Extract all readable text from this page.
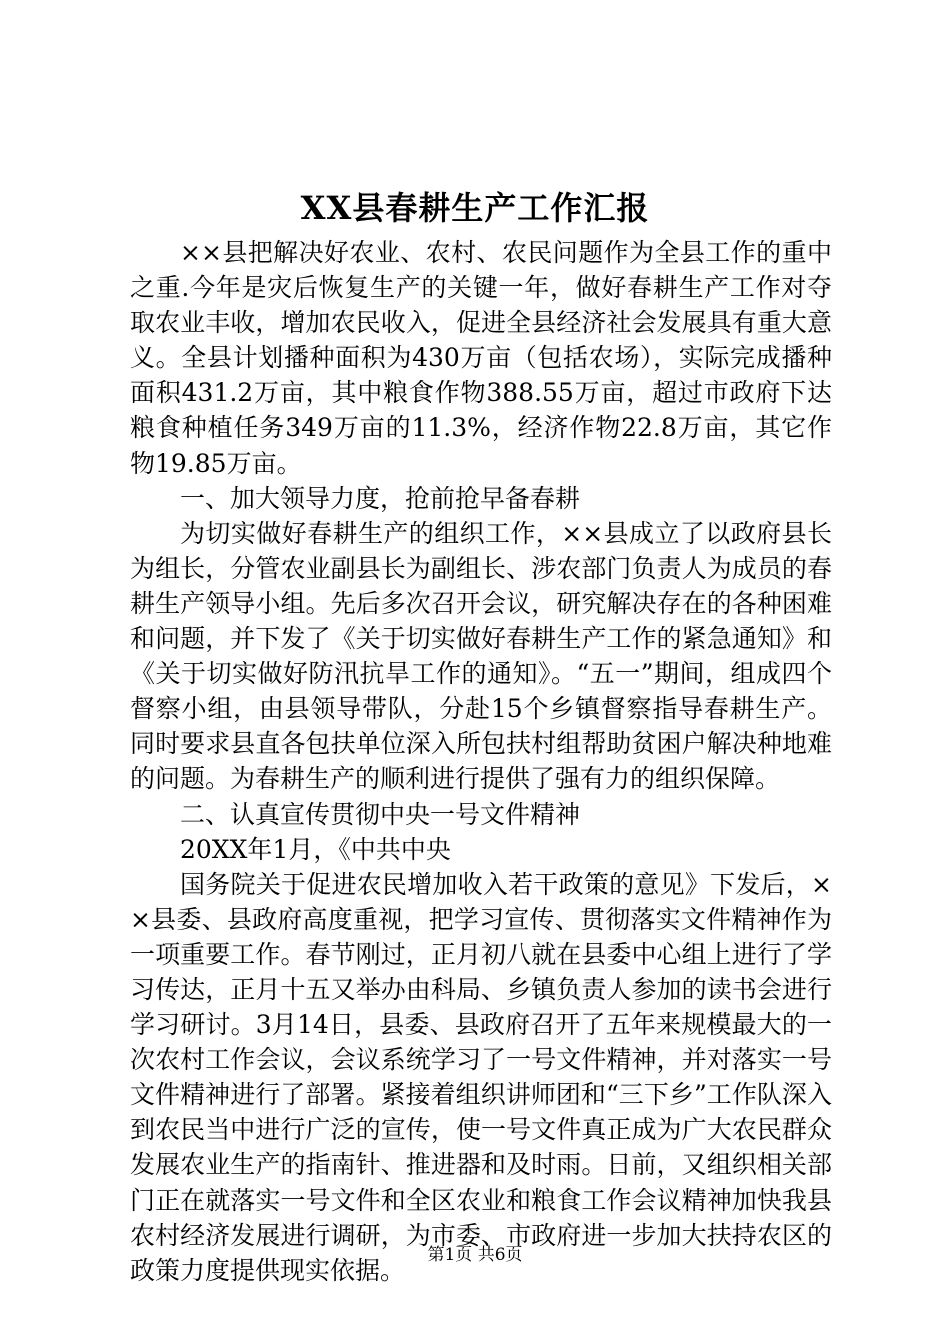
XX县春耕生产工作汇报

××县把解决好农业、农村、农民问题作为全县工作的重中之重.今年是灾后恢复生产的关键一年，做好春耕生产工作对夺取农业丰收，增加农民收入，促进全县经济社会发展具有重大意义。全县计划播种面积为430万亩（包括农场），实际完成播种面积431.2万亩，其中粮食作物388.55万亩，超过市政府下达粮食种植任务349万亩的11.3%，经济作物22.8万亩，其它作物19.85万亩。

一、加大领导力度，抢前抢早备春耕

为切实做好春耕生产的组织工作，××县成立了以政府县长为组长，分管农业副县长为副组长、涉农部门负责人为成员的春耕生产领导小组。先后多次召开会议，研究解决存在的各种困难和问题，并下发了《关于切实做好春耕生产工作的紧急通知》和《关于切实做好防汛抗旱工作的通知》。“五一”期间，组成四个督察小组，由县领导带队，分赴15个乡镇督察指导春耕生产。同时要求县直各包扶单位深入所包扶村组帮助贫困户解决种地难的问题。为春耕生产的顺利进行提供了强有力的组织保障。

二、认真宣传贯彻中央一号文件精神

20XX年1月，《中共中央

国务院关于促进农民增加收入若干政策的意见》下发后，××县委、县政府高度重视，把学习宣传、贯彻落实文件精神作为一项重要工作。春节刚过，正月初八就在县委中心组上进行了学习传达，正月十五又举办由科局、乡镇负责人参加的读书会进行学习研讨。3月14日，县委、县政府召开了五年来规模最大的一次农村工作会议，会议系统学习了一号文件精神，并对落实一号文件精神进行了部署。紧接着组织讲师团和“三下乡”工作队深入到农民当中进行广泛的宣传，使一号文件真正成为广大农民群众发展农业生产的指南针、推进器和及时雨。日前，又组织相关部门正在就落实一号文件和全区农业和粮食工作会议精神加快我县农村经济发展进行调研，为市委、市政府进一步加大扶持农区的政策力度提供现实依据。

第1页 共6页
